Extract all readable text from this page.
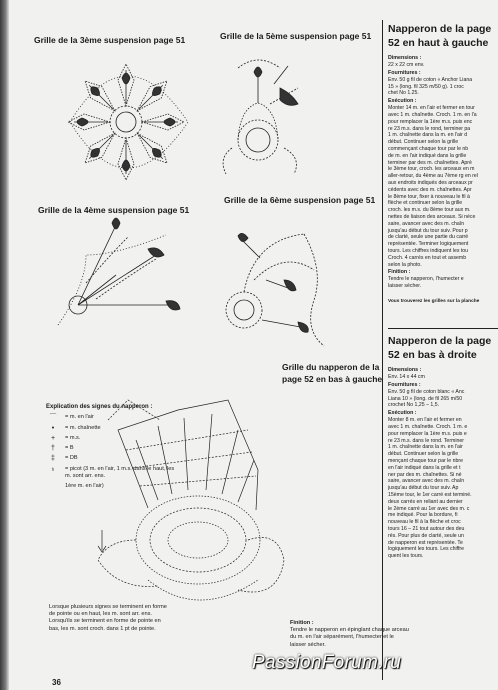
Grille de la 3ème suspension page 51	Grille de la 5ème suspension page 51
Grille de la 4ème suspension page 51
Grille de la 6ème suspension page 51
Grille du napperon de la
page 52 en bas à gauche
Napperon de la page
52 en haut à gauche
Dimensions :
22 x 22 cm env.
Fournitures :
Env. 50 g fil de coton « Anchor Liana
15 » (long. fil 325 m/50 g). 1 croc
chet No 1.25.
Exécution :
Monter 14 m. en l'air et fermer en tour
avec 1 m. chaînette. Croch. 1 m. en l'a
pour remplacer la 1ère m.s. puis enc
re 23 m.s. dans le rond, terminer pa
1 m. chaînette dans la m. en l'air d
début. Continuer selon la grille
commençant chaque tour par le nb
de m. en l'air indiqué dans la grille
terminer par des m. chaînettes. Aprè
le 3ème tour, croch. les arceaux en m
aller-retour, du 4ème au 7ème rg en rel
aux endroits indiqués des arceaux pr
cédents avec des m. chaînettes. Apr
le 8ème tour, fixer à nouveau le fil à
flèche et continuer selon la grille
croch. les m.s. du 8ème tour aux m.
nettes de liaison des arceaux. Si néce
saire, avancer avec des m. chaîn
jusqu'au début du tour suiv. Pour p
de clarté, seule une partie du carré
représentée. Terminer logiquement
tours. Les chiffres indiquent les tou
Croch. 4 carrés en tout et assemb
selon la photo.
Finition :
Tendre le napperon, l'humecter e
laisser sécher.
Vous trouverez les grilles sur la planche
Napperon de la page
52 en bas à droite
Dimensions :
Env. 14 x 44 cm
Fournitures :
Env. 50 g fil de coton blanc « Anc
Liana 10 » (long. de fil 265 m/50
crochet No 1,25 – 1,5.
Exécution :
Monter 8 m. en l'air et fermer en
avec 1 m. chaînette. Croch. 1 m. e
pour remplacer la 1ère m.s. puis e
re 23 m.s. dans le rond. Terminer
1 m. chaînette dans la m. en l'air
début. Continuer selon la grille
mençant chaque tour par le nbre
en l'air indiqué dans la grille et t
ner par des m. chaînettes. Si né
saire, avancer avec des m. chaîn
jusqu'au début du tour suiv. Ap
15ème tour, le 1er carré est terminé.
deux carrés en reliant au dernier
le 2ème carré au 1er avec des m. c
me indiqué. Pour la bordure, fi
nouveau le fil à la flèche et croc
tours 16 – 21 tout autour des deu
rés. Pour plus de clarté, seule un
de napperon est représentée. Te
logiquement les tours. Les chiffre
quent les tours.
Explication des signes du napperon :
⌒	= m. en l'air
•	= m. chaînette
+	= m.s.
†	= B
‡	= DB
♁	= picot (3 m. en l'air, 1 m.s. dans le haut, les m. sont arr. ens.
1ère m. en l'air)
Lorsque plusieurs signes se terminent en forme de pointe ou en haut, les m. sont arr. ens. Lorsqu'ils se terminent en forme de pointe en bas, les m. sont croch. dans 1 pt de pointe.
Finition :
Tendre le napperon en épinglant chaque arceau du m. en l'air séparément, l'humecter et le laisser sécher.
36
PassionForum.ru
